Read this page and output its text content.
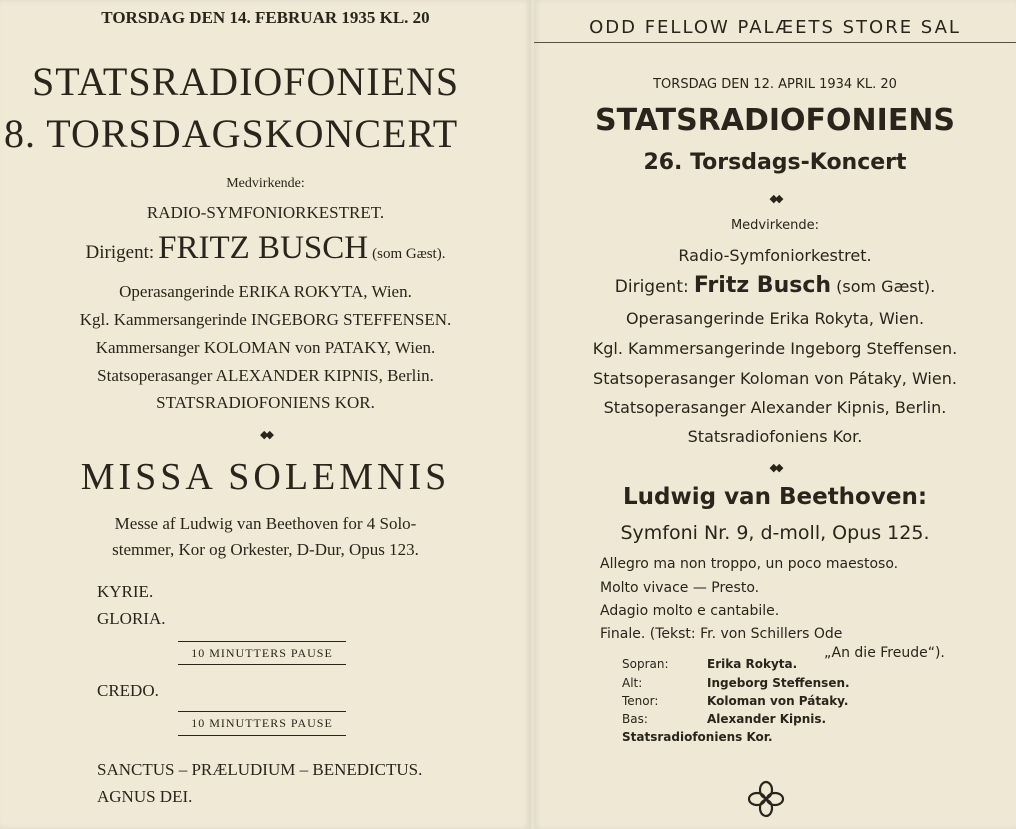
TORSDAG DEN 14. FEBRUAR 1935 KL. 20
STATSRADIOFONIENS
8. TORSDAGSKONCERT
Medvirkende:
RADIO-SYMFONIORKESTRET.
Dirigent: FRITZ BUSCH (som Gæst).
Operasangerinde ERIKA ROKYTA, Wien.
Kgl. Kammersangerinde INGEBORG STEFFENSEN.
Kammersanger KOLOMAN von PATAKY, Wien.
Statsoperasanger ALEXANDER KIPNIS, Berlin.
STATSRADIOFONIENS KOR.
◆◆
MISSA SOLEMNIS
Messe af Ludwig van Beethoven for 4 Solo-
stemmer, Kor og Orkester, D-Dur, Opus 123.
KYRIE.
GLORIA.
10 MINUTTERS PAUSE
CREDO.
10 MINUTTERS PAUSE
SANCTUS – PRÆLUDIUM – BENEDICTUS.
AGNUS DEI.
ODD FELLOW PALÆETS STORE SAL
TORSDAG DEN 12. APRIL 1934 KL. 20
STATSRADIOFONIENS
26. Torsdags-Koncert
◆◆
Medvirkende:
Radio-Symfoniorkestret.
Dirigent: Fritz Busch (som Gæst).
Operasangerinde Erika Rokyta, Wien.
Kgl. Kammersangerinde Ingeborg Steffensen.
Statsoperasanger Koloman von Pátaky, Wien.
Statsoperasanger Alexander Kipnis, Berlin.
Statsradiofoniens Kor.
◆◆
Ludwig van Beethoven:
Symfoni Nr. 9, d-moll, Opus 125.
Allegro ma non troppo, un poco maestoso.
Molto vivace — Presto.
Adagio molto e cantabile.
Finale. (Tekst: Fr. von Schillers Ode
„An die Freude“).
Sopran:	Erika Rokyta.
Alt:	Ingeborg Steffensen.
Tenor:	Koloman von Pátaky.
Bas:	Alexander Kipnis.
Statsradiofoniens Kor.
